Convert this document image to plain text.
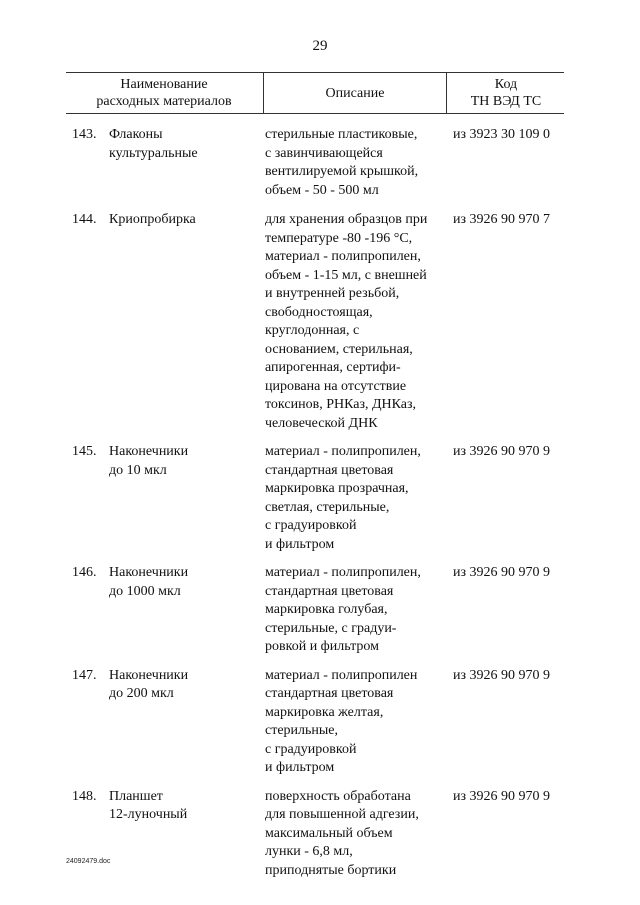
29
Наименование
расходных материалов
Описание
Код
ТН ВЭД ТС
143. Флаконы
культуральные
стерильные пластиковые,
с завинчивающейся
вентилируемой крышкой,
объем - 50 - 500 мл
из 3923 30 109 0
144. Криопробирка	для хранения образцов при
температуре -80 -196 °С,
материал - полипропилен,
объем - 1-15 мл, с внешней
и внутренней резьбой,
свободностоящая,
круглодонная, с
основанием, стерильная,
апирогенная, сертифи-
цирована на отсутствие
токсинов, РНКаз, ДНКаз,
человеческой ДНК
из 3926 90 970 7
145. Наконечники
до 10 мкл
материал - полипропилен,
стандартная цветовая
маркировка прозрачная,
светлая, стерильные,
с градуировкой
и фильтром
из 3926 90 970 9
146. Наконечники
до 1000 мкл
материал - полипропилен,
стандартная цветовая
маркировка голубая,
стерильные, с градуи-
ровкой и фильтром
из 3926 90 970 9
147. Наконечники
до 200 мкл
материал - полипропилен
стандартная цветовая
маркировка желтая,
стерильные,
с градуировкой
и фильтром
из 3926 90 970 9
148. Планшет
12-луночный
поверхность обработана
для повышенной адгезии,
максимальный объем
лунки - 6,8 мл,
приподнятые бортики
из 3926 90 970 9
24092479.doc
